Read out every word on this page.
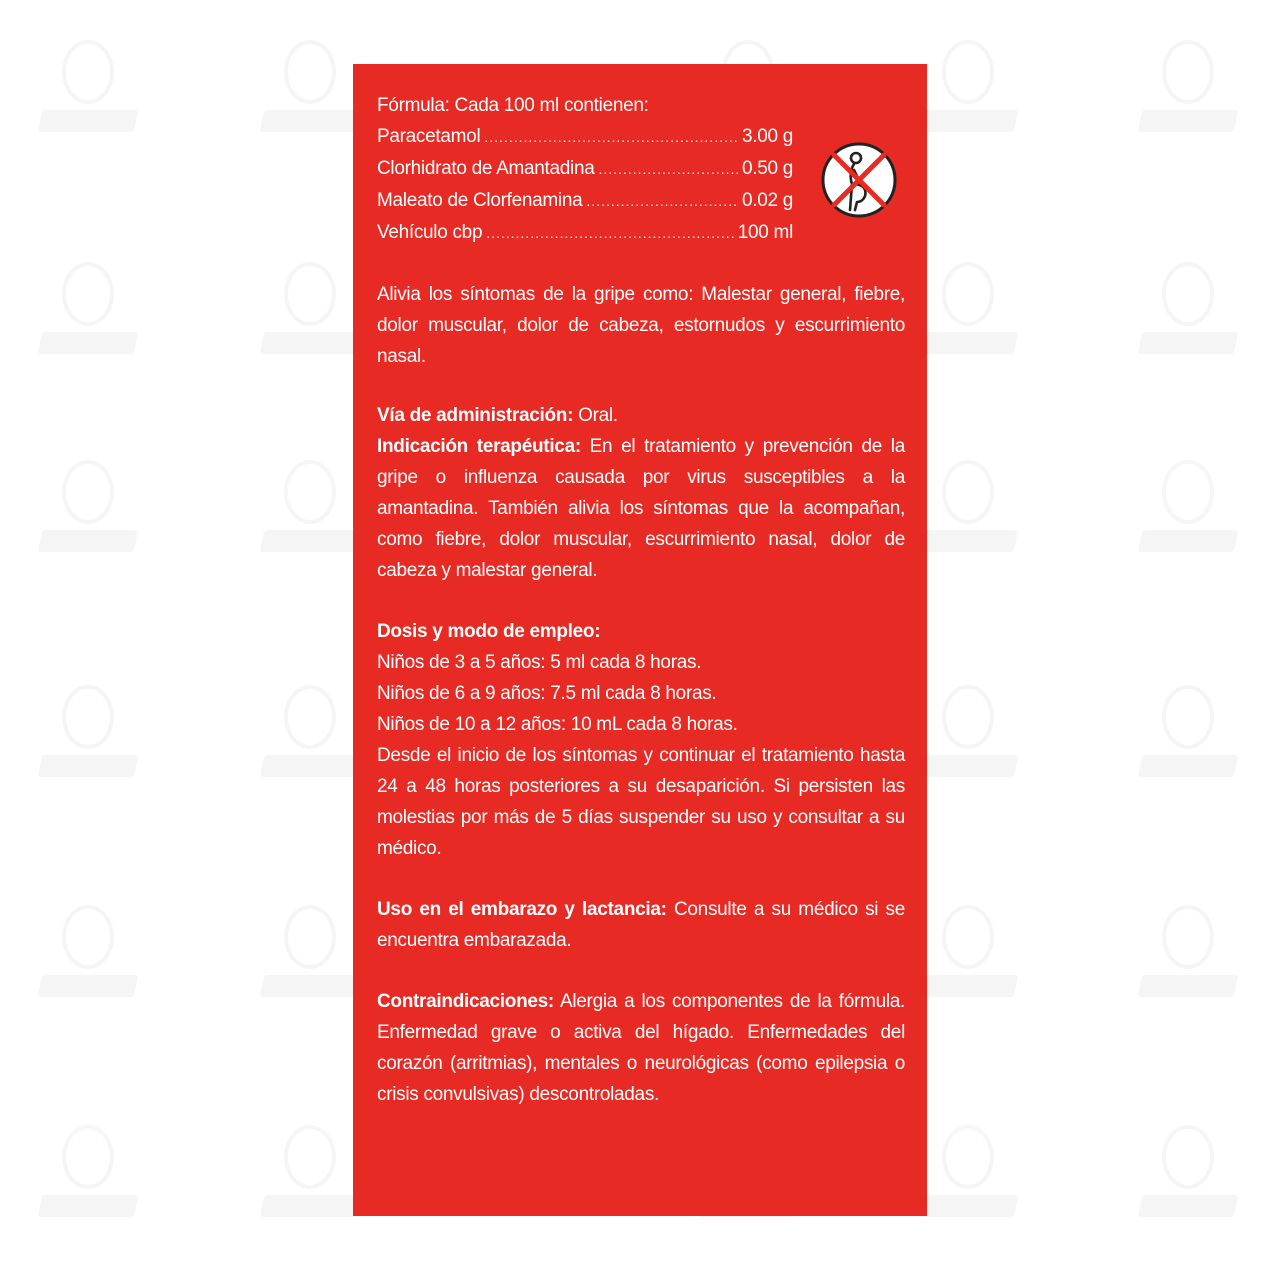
Fórmula: Cada 100 ml contienen:

Paracetamol .....	3.00 g
Clorhidrato de Amantadina .....	0.50 g
Maleato de Clorfenamina .....	0.02 g
Vehículo cbp .....	100 ml

Alivia los síntomas de la gripe como: Malestar general, fiebre, dolor muscular, dolor de cabeza, estornudos y escurrimiento nasal.

Vía de administración: Oral.

Indicación terapéutica: En el tratamiento y prevención de la gripe o influenza causada por virus susceptibles a la amantadina. También alivia los síntomas que la acompañan, como fiebre, dolor muscular, escurrimiento nasal, dolor de cabeza y malestar general.

Dosis y modo de empleo:

Niños de 3 a 5 años: 5 ml cada 8 horas.

Niños de 6 a 9 años: 7.5 ml cada 8 horas.

Niños de 10 a 12 años: 10 mL cada 8 horas.

Desde el inicio de los síntomas y continuar el tratamiento hasta 24 a 48 horas posteriores a su desaparición. Si persisten las molestias por más de 5 días suspender su uso y consultar a su médico.

Uso en el embarazo y lactancia: Consulte a su médico si se encuentra embarazada.

Contraindicaciones: Alergia a los componentes de la fórmula. Enfermedad grave o activa del hígado. Enfermedades del corazón (arritmias), mentales o neurológicas (como epilepsia o crisis convulsivas) descontroladas.
